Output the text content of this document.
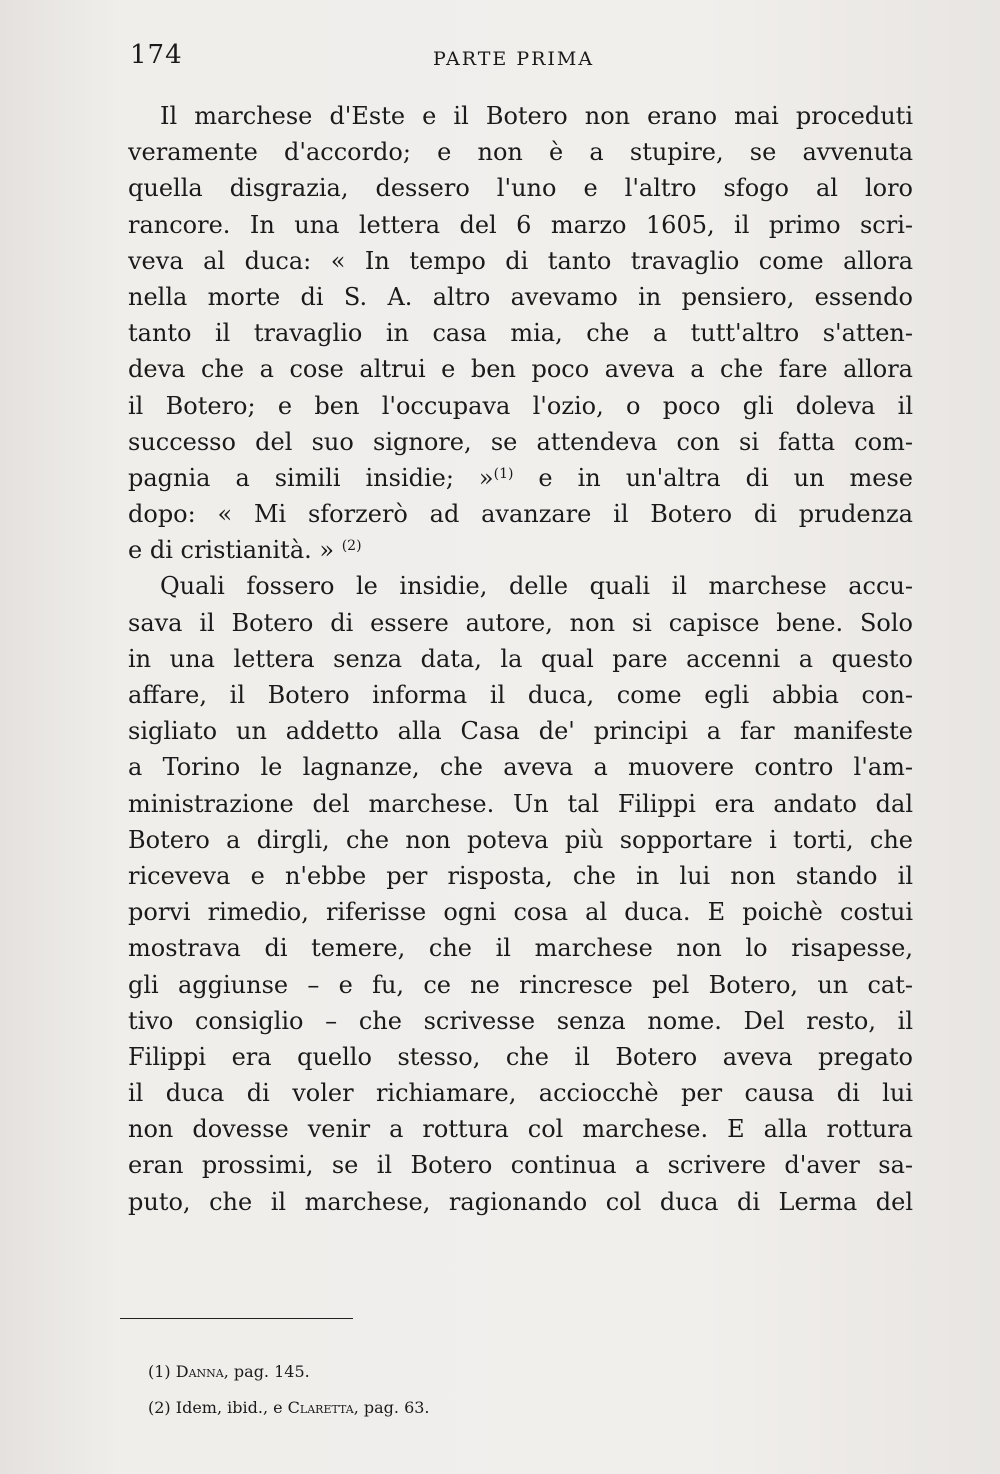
174	PARTE PRIMA
Il marchese d'Este e il Botero non erano mai proceduti
veramente d'accordo; e non è a stupire, se avvenuta
quella disgrazia, dessero l'uno e l'altro sfogo al loro
rancore. In una lettera del 6 marzo 1605, il primo scri-
veva al duca: « In tempo di tanto travaglio come allora
nella morte di S. A. altro avevamo in pensiero, essendo
tanto il travaglio in casa mia, che a tutt'altro s'atten-
deva che a cose altrui e ben poco aveva a che fare allora
il Botero; e ben l'occupava l'ozio, o poco gli doleva il
successo del suo signore, se attendeva con si fatta com-
pagnia a simili insidie; »$^{(1)}$ e in un'altra di un mese
dopo: « Mi sforzerò ad avanzare il Botero di prudenza
e di cristianità. » $^{(2)}$
Quali fossero le insidie, delle quali il marchese accu-
sava il Botero di essere autore, non si capisce bene. Solo
in una lettera senza data, la qual pare accenni a questo
affare, il Botero informa il duca, come egli abbia con-
sigliato un addetto alla Casa de' principi a far manifeste
a Torino le lagnanze, che aveva a muovere contro l'am-
ministrazione del marchese. Un tal Filippi era andato dal
Botero a dirgli, che non poteva più sopportare i torti, che
riceveva e n'ebbe per risposta, che in lui non stando il
porvi rimedio, riferisse ogni cosa al duca. E poichè costui
mostrava di temere, che il marchese non lo risapesse,
gli aggiunse – e fu, ce ne rincresce pel Botero, un cat-
tivo consiglio – che scrivesse senza nome. Del resto, il
Filippi era quello stesso, che il Botero aveva pregato
il duca di voler richiamare, acciocchè per causa di lui
non dovesse venir a rottura col marchese. E alla rottura
eran prossimi, se il Botero continua a scrivere d'aver sa-
puto, che il marchese, ragionando col duca di Lerma del
(1) Danna, pag. 145.
(2) Idem, ibid., e Claretta, pag. 63.
